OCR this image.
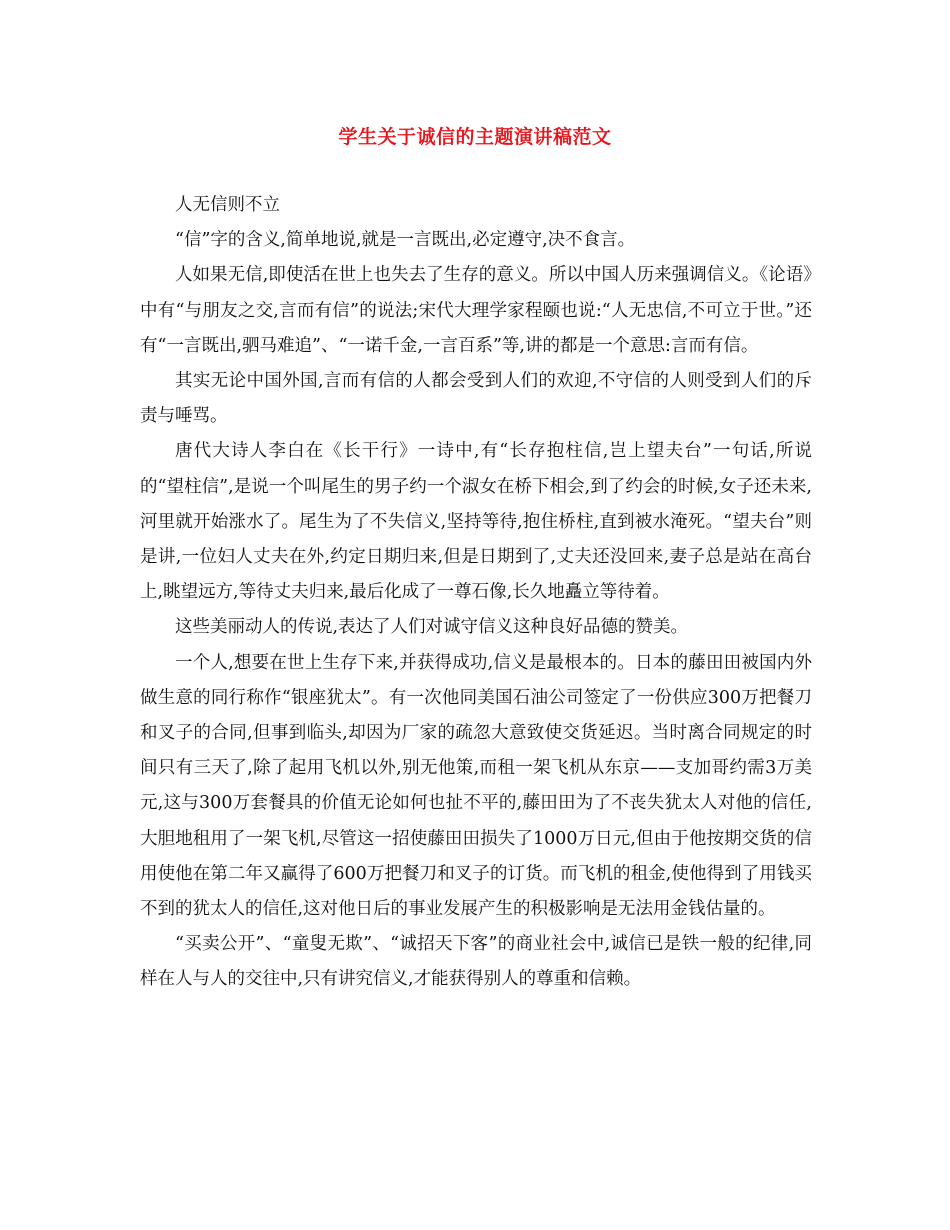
学生关于诚信的主题演讲稿范文

人无信则不立

“信”字的含义,简单地说,就是一言既出,必定遵守,决不食言。

人如果无信,即使活在世上也失去了生存的意义。所以中国人历来强调信义。《论语》中有“与朋友之交,言而有信”的说法;宋代大理学家程颐也说:“人无忠信,不可立于世。”还有“一言既出,驷马难追”、“一诺千金,一言百系”等,讲的都是一个意思:言而有信。

其实无论中国外国,言而有信的人都会受到人们的欢迎,不守信的人则受到人们的斥责与唾骂。

唐代大诗人李白在《长干行》一诗中,有“长存抱柱信,岂上望夫台”一句话,所说的“望柱信”,是说一个叫尾生的男子约一个淑女在桥下相会,到了约会的时候,女子还未来,河里就开始涨水了。尾生为了不失信义,坚持等待,抱住桥柱,直到被水淹死。“望夫台”则是讲,一位妇人丈夫在外,约定日期归来,但是日期到了,丈夫还没回来,妻子总是站在高台上,眺望远方,等待丈夫归来,最后化成了一尊石像,长久地矗立等待着。

这些美丽动人的传说,表达了人们对诚守信义这种良好品德的赞美。

一个人,想要在世上生存下来,并获得成功,信义是最根本的。日本的藤田田被国内外做生意的同行称作“银座犹太”。有一次他同美国石油公司签定了一份供应300万把餐刀和叉子的合同,但事到临头,却因为厂家的疏忽大意致使交货延迟。当时离合同规定的时间只有三天了,除了起用飞机以外,别无他策,而租一架飞机从东京——支加哥约需3万美元,这与300万套餐具的价值无论如何也扯不平的,藤田田为了不丧失犹太人对他的信任,大胆地租用了一架飞机,尽管这一招使藤田田损失了1000万日元,但由于他按期交货的信用使他在第二年又赢得了600万把餐刀和叉子的订货。而飞机的租金,使他得到了用钱买不到的犹太人的信任,这对他日后的事业发展产生的积极影响是无法用金钱估量的。

“买卖公开”、“童叟无欺”、“诚招天下客”的商业社会中,诚信已是铁一般的纪律,同样在人与人的交往中,只有讲究信义,才能获得别人的尊重和信赖。
